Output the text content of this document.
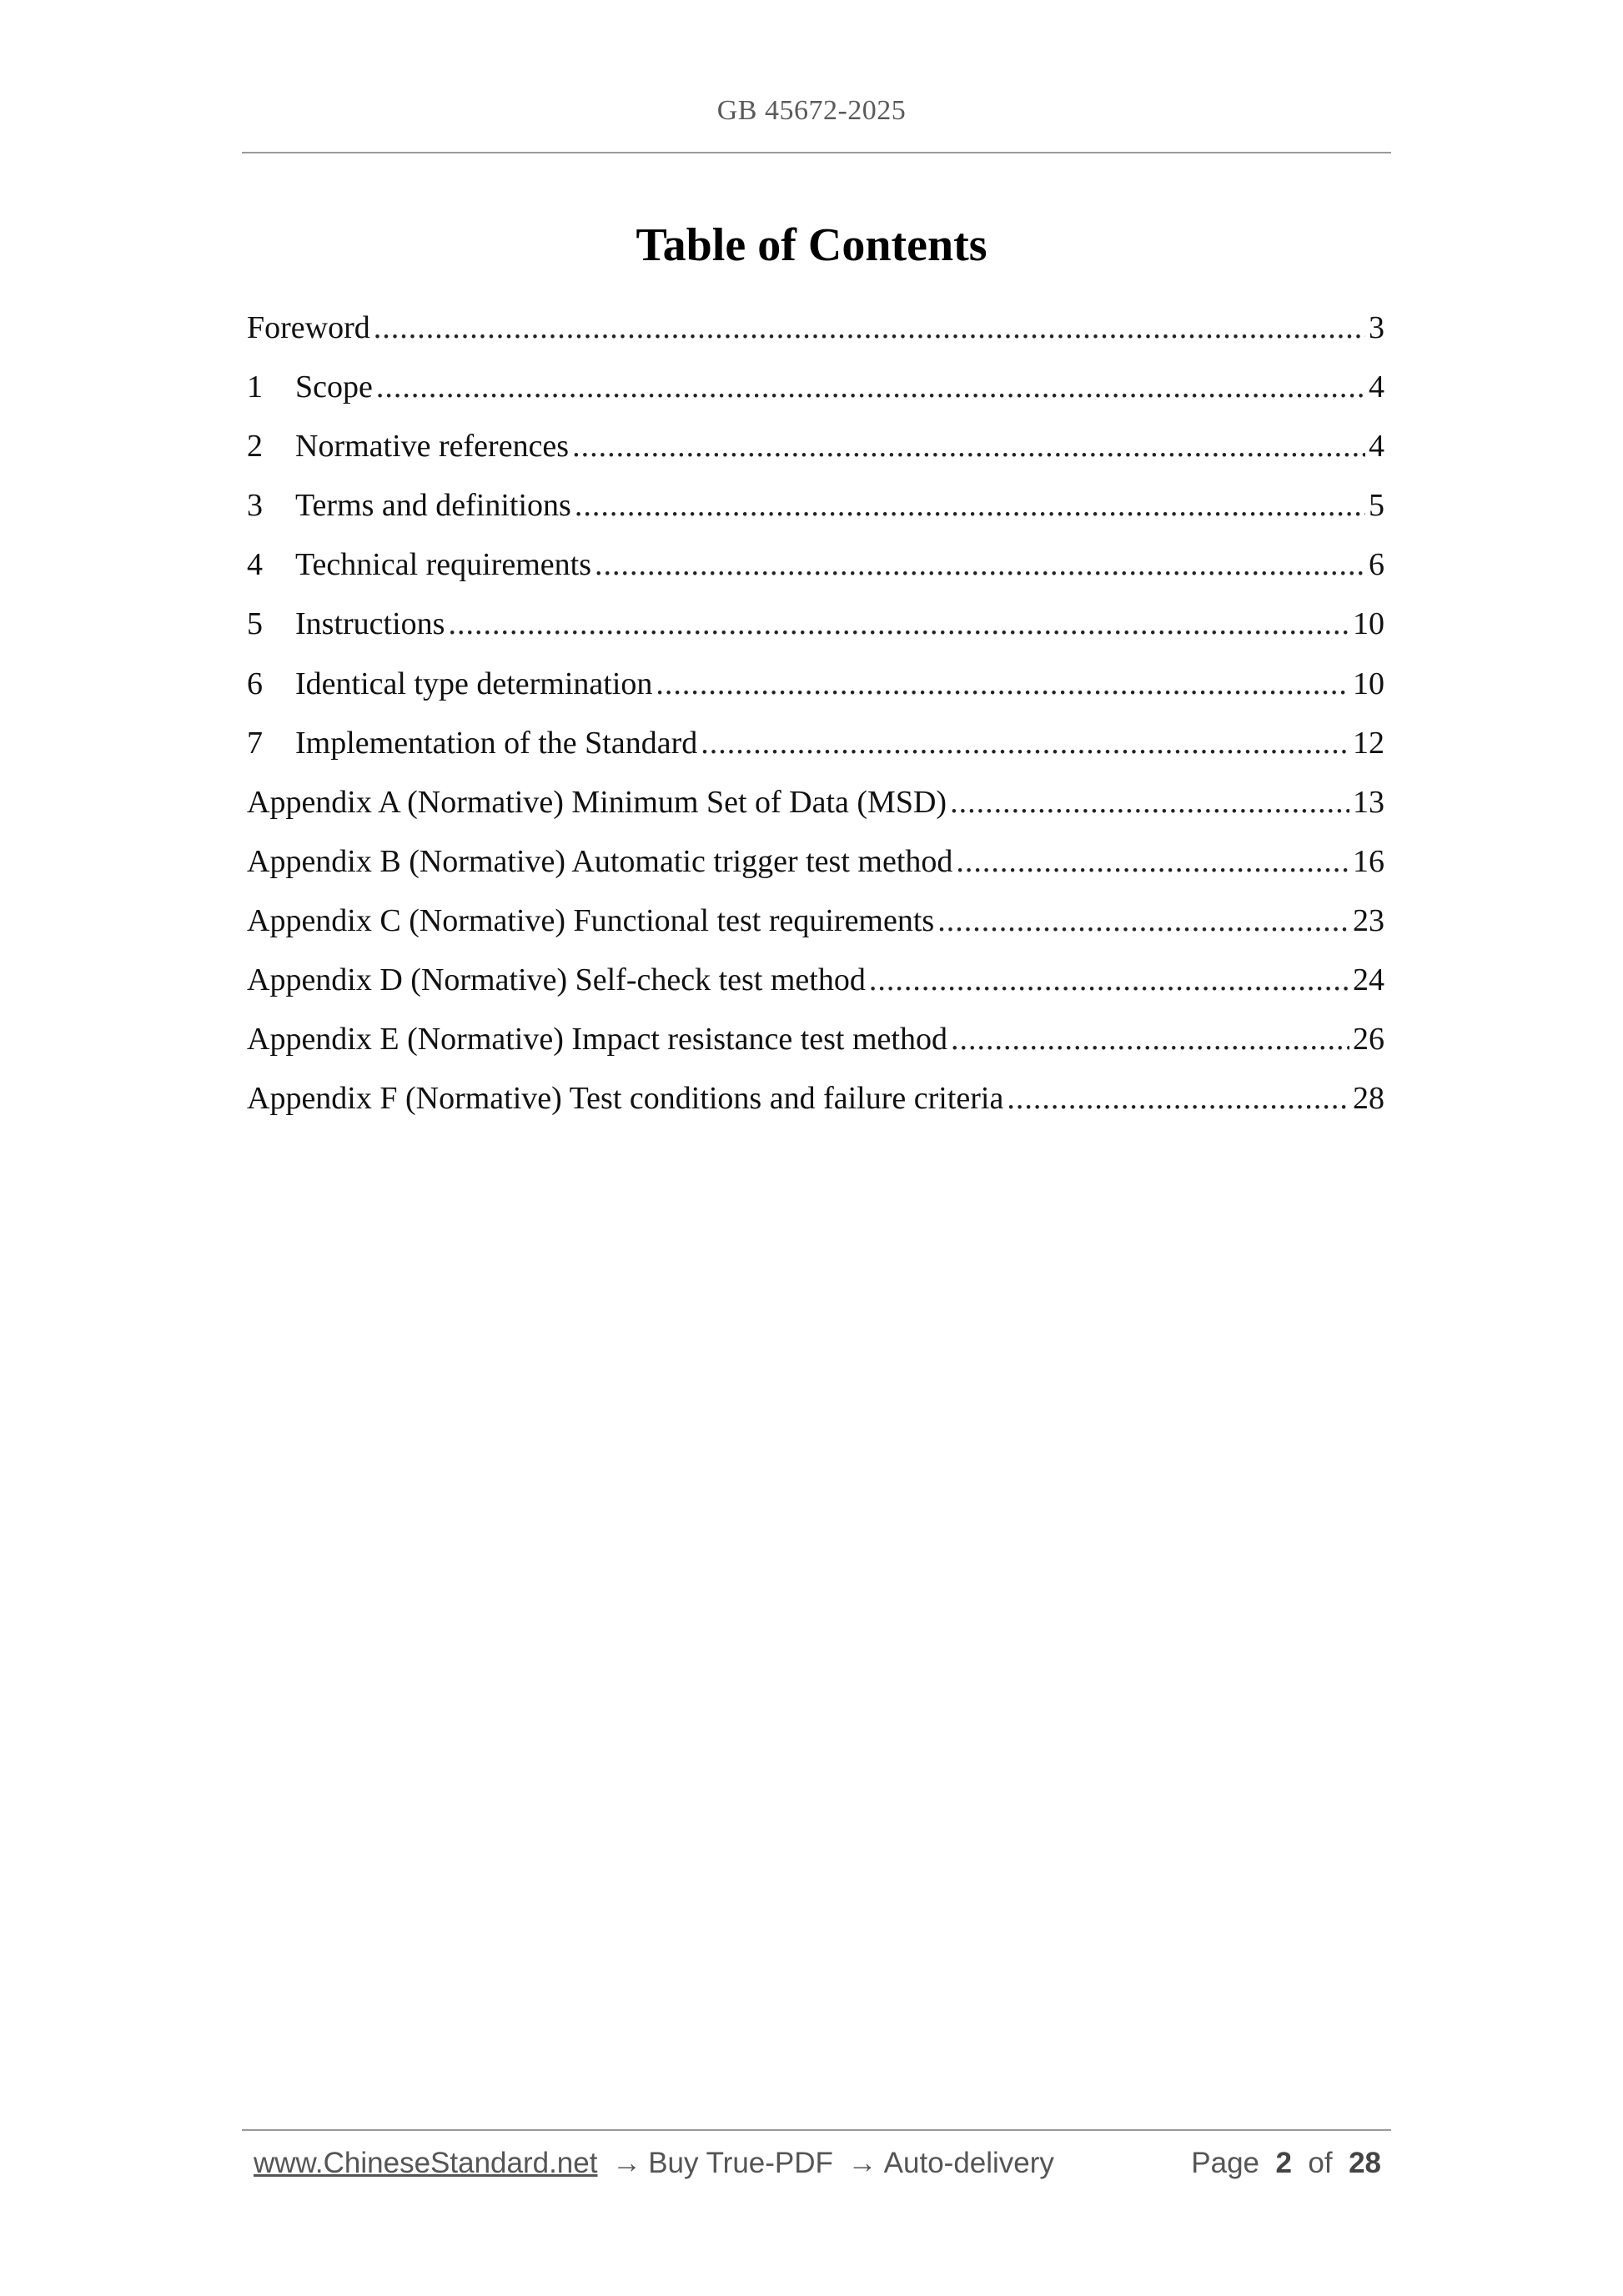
GB 45672-2025
Table of Contents
Foreword .....	3
1	Scope .....	4
2	Normative references .....	4
3	Terms and definitions .....	5
4	Technical requirements .....	6
5	Instructions .....	10
6	Identical type determination .....	10
7	Implementation of the Standard .....	12
Appendix A (Normative) Minimum Set of Data (MSD) .....	13
Appendix B (Normative) Automatic trigger test method .....	16
Appendix C (Normative) Functional test requirements .....	23
Appendix D (Normative) Self-check test method .....	24
Appendix E (Normative) Impact resistance test method .....	26
Appendix F (Normative) Test conditions and failure criteria .....	28
www.ChineseStandard.net → Buy True-PDF → Auto-delivery	Page 2 of 28
